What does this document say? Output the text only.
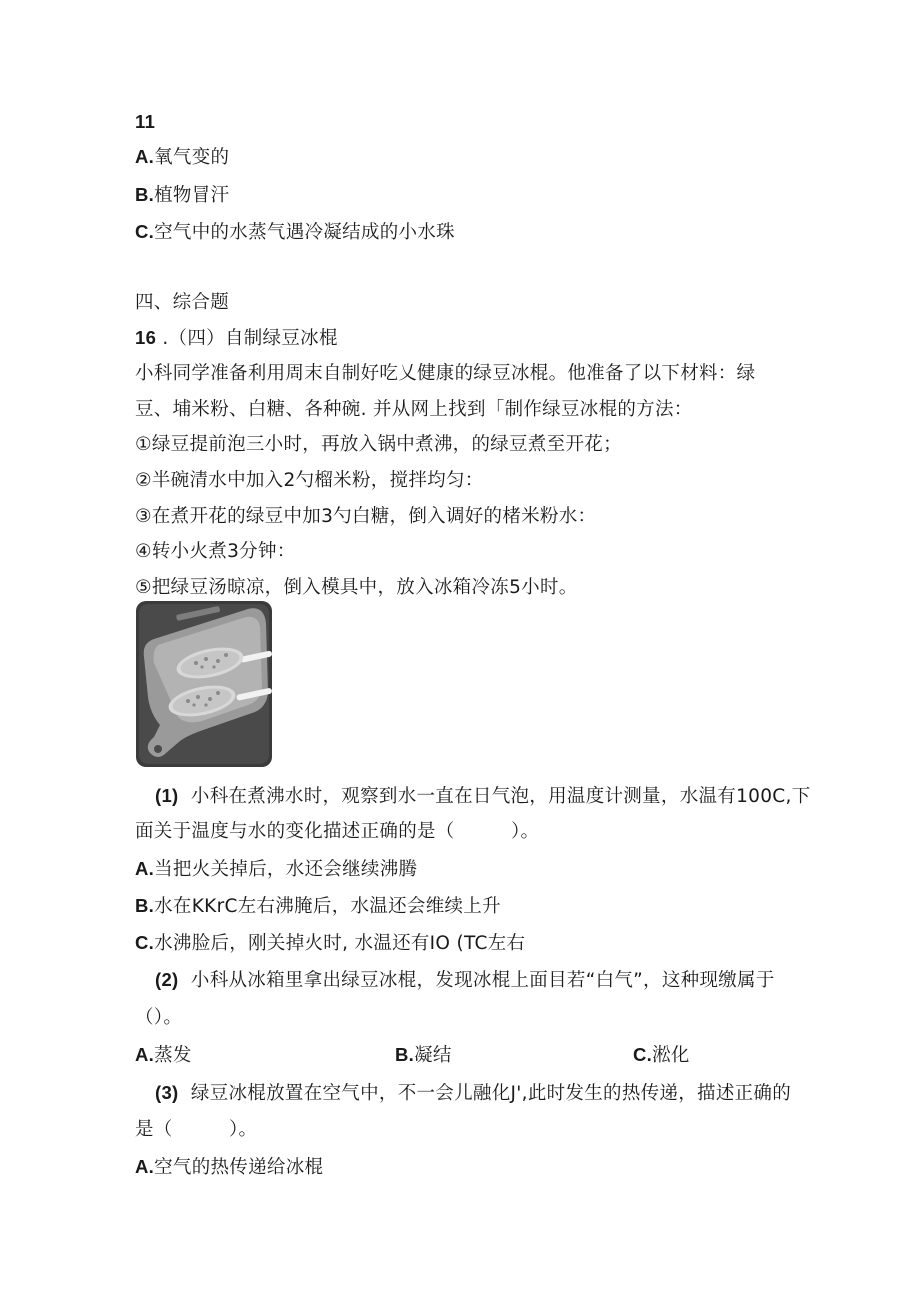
11
A.氧气变的
B.植物冒汗
C.空气中的水蒸气遇冷凝结成的小水珠
四、综合题
16 .（四）自制绿豆冰棍
小科同学准备利用周末自制好吃乂健康的绿豆冰棍。他准备了以下材料：绿
豆、埔米粉、白糖、各种碗. 并从网上找到「制作绿豆冰棍的方法：
①绿豆提前泡三小时，再放入锅中煮沸，的绿豆煮至开花；
②半碗清水中加入2勺榴米粉，搅拌均匀：
③在煮开花的绿豆中加3勺白糖，倒入调好的楮米粉水：
④转小火煮3分钟：
⑤把绿豆汤晾凉，倒入模具中，放入冰箱冷冻5小时。
(1) 小科在煮沸水时，观察到水一直在日气泡，用温度计测量，水温有100C,下
面关于温度与水的变化描述正确的是（　　　）。
A.当把火关掉后，水还会继续沸腾
B.水在KKrC左右沸腌后，水温还会维续上升
C.水沸脸后，刚关掉火时, 水温还有IO (TC左右
(2) 小科从冰箱里拿出绿豆冰棍，发现冰棍上面目若“白气”，这种现缴属于
（）。
A.蒸发	B.凝结	C.淞化
(3) 绿豆冰棍放置在空气中，不一会儿融化J',此时发生的热传递，描述正确的
是（　　　）。
A.空气的热传递给冰棍
